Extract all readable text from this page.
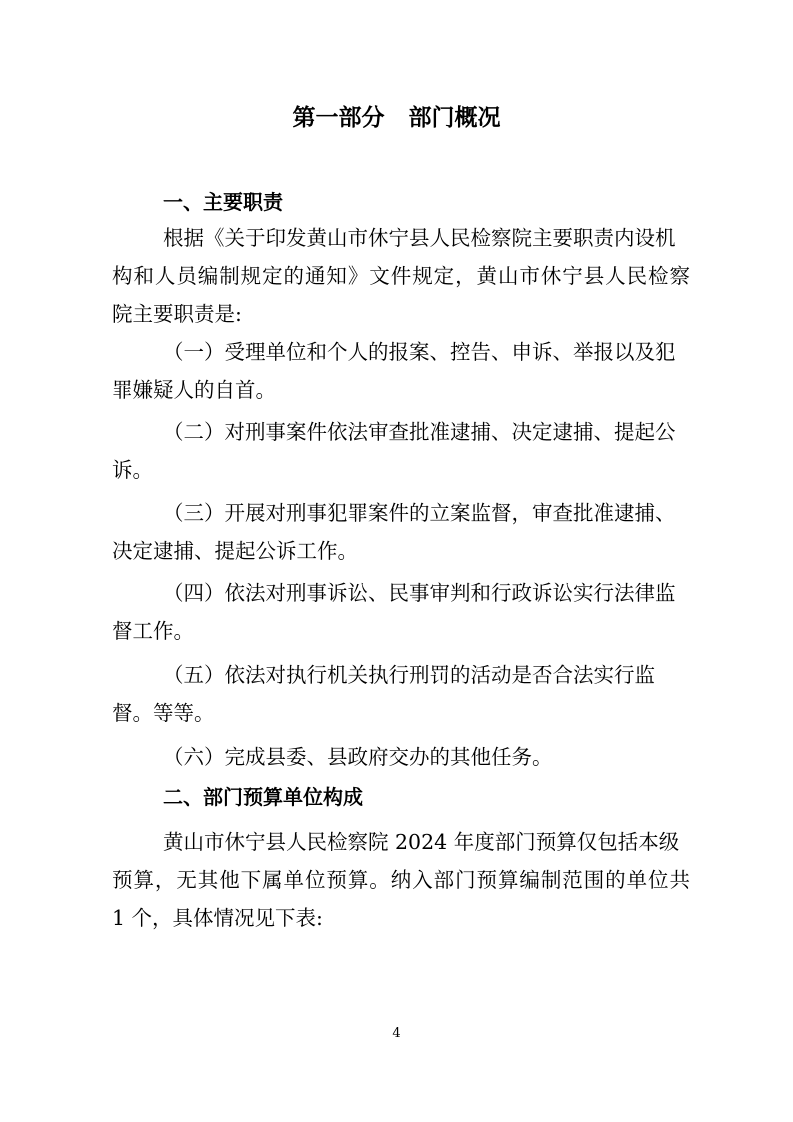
第一部分   部门概况
一、主要职责
根据《关于印发黄山市休宁县人民检察院主要职责内设机
构和人员编制规定的通知》文件规定，黄山市休宁县人民检察
院主要职责是:
（一）受理单位和个人的报案、控告、申诉、举报以及犯
罪嫌疑人的自首。
（二）对刑事案件依法审查批准逮捕、决定逮捕、提起公
诉。
（三）开展对刑事犯罪案件的立案监督，审查批准逮捕、
决定逮捕、提起公诉工作。
（四）依法对刑事诉讼、民事审判和行政诉讼实行法律监
督工作。
（五）依法对执行机关执行刑罚的活动是否合法实行监
督。等等。
（六）完成县委、县政府交办的其他任务。
二、部门预算单位构成
黄山市休宁县人民检察院 2024 年度部门预算仅包括本级
预算，无其他下属单位预算。纳入部门预算编制范围的单位共
1 个，具体情况见下表:
4
